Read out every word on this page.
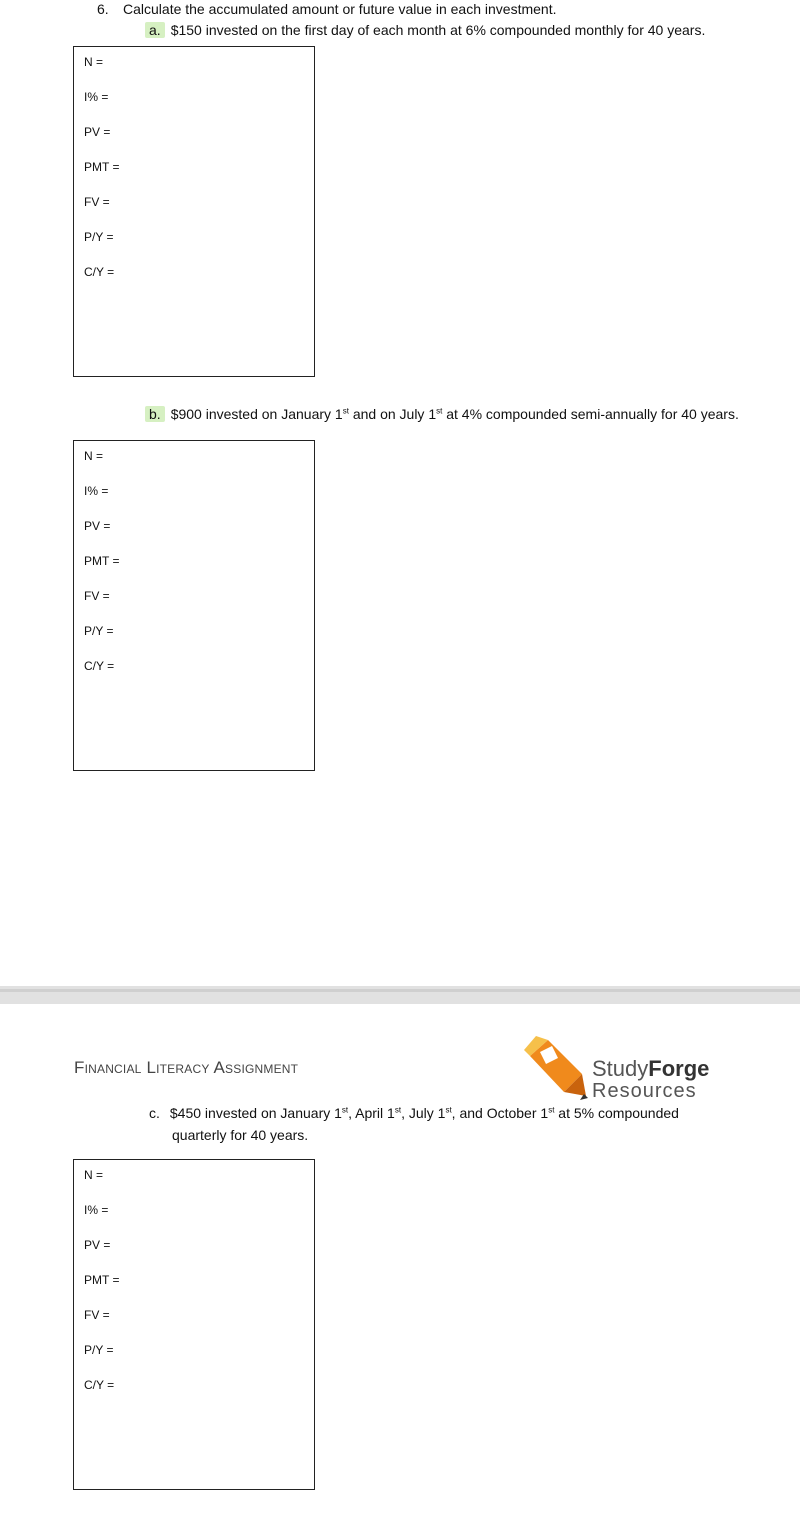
6. Calculate the accumulated amount or future value in each investment.
a. $150 invested on the first day of each month at 6% compounded monthly for 40 years.
N =
I% =
PV =
PMT =
FV =
P/Y =
C/Y =
b. $900 invested on January 1st and on July 1st at 4% compounded semi-annually for 40 years.
N =
I% =
PV =
PMT =
FV =
P/Y =
C/Y =
Financial Literacy Assignment	StudyForge
Resources
c. $450 invested on January 1st, April 1st, July 1st, and October 1st at 5% compounded
quarterly for 40 years.
N =
I% =
PV =
PMT =
FV =
P/Y =
C/Y =
